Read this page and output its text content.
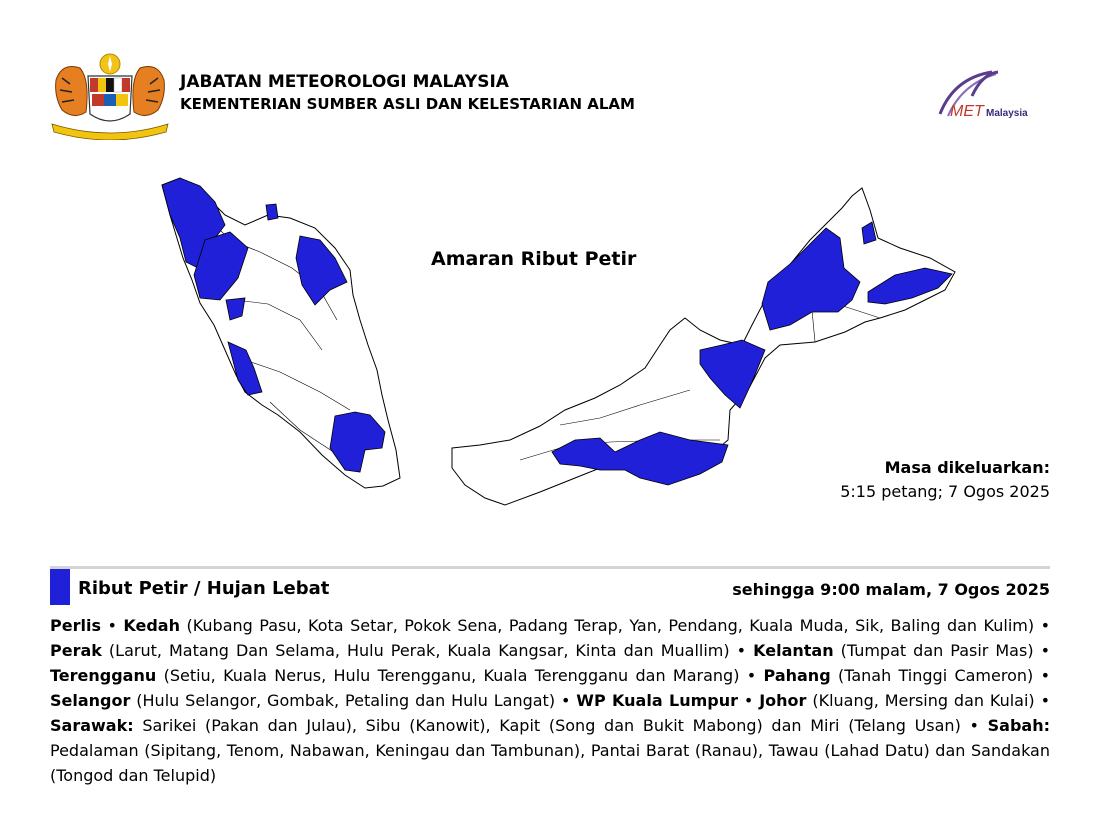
JABATAN METEOROLOGI MALAYSIA
KEMENTERIAN SUMBER ASLI DAN KELESTARIAN ALAM	MET Malaysia
Amaran Ribut Petir
Masa dikeluarkan:
5:15 petang; 7 Ogos 2025
Ribut Petir / Hujan Lebat	sehingga 9:00 malam, 7 Ogos 2025
Perlis • Kedah (Kubang Pasu, Kota Setar, Pokok Sena, Padang Terap, Yan, Pendang, Kuala Muda, Sik, Baling dan Kulim) • Perak (Larut, Matang Dan Selama, Hulu Perak, Kuala Kangsar, Kinta dan Muallim) • Kelantan (Tumpat dan Pasir Mas) • Terengganu (Setiu, Kuala Nerus, Hulu Terengganu, Kuala Terengganu dan Marang) • Pahang (Tanah Tinggi Cameron) • Selangor (Hulu Selangor, Gombak, Petaling dan Hulu Langat) • WP Kuala Lumpur • Johor (Kluang, Mersing dan Kulai) • Sarawak: Sarikei (Pakan dan Julau), Sibu (Kanowit), Kapit (Song dan Bukit Mabong) dan Miri (Telang Usan) • Sabah: Pedalaman (Sipitang, Tenom, Nabawan, Keningau dan Tambunan), Pantai Barat (Ranau), Tawau (Lahad Datu) dan Sandakan (Tongod dan Telupid)
